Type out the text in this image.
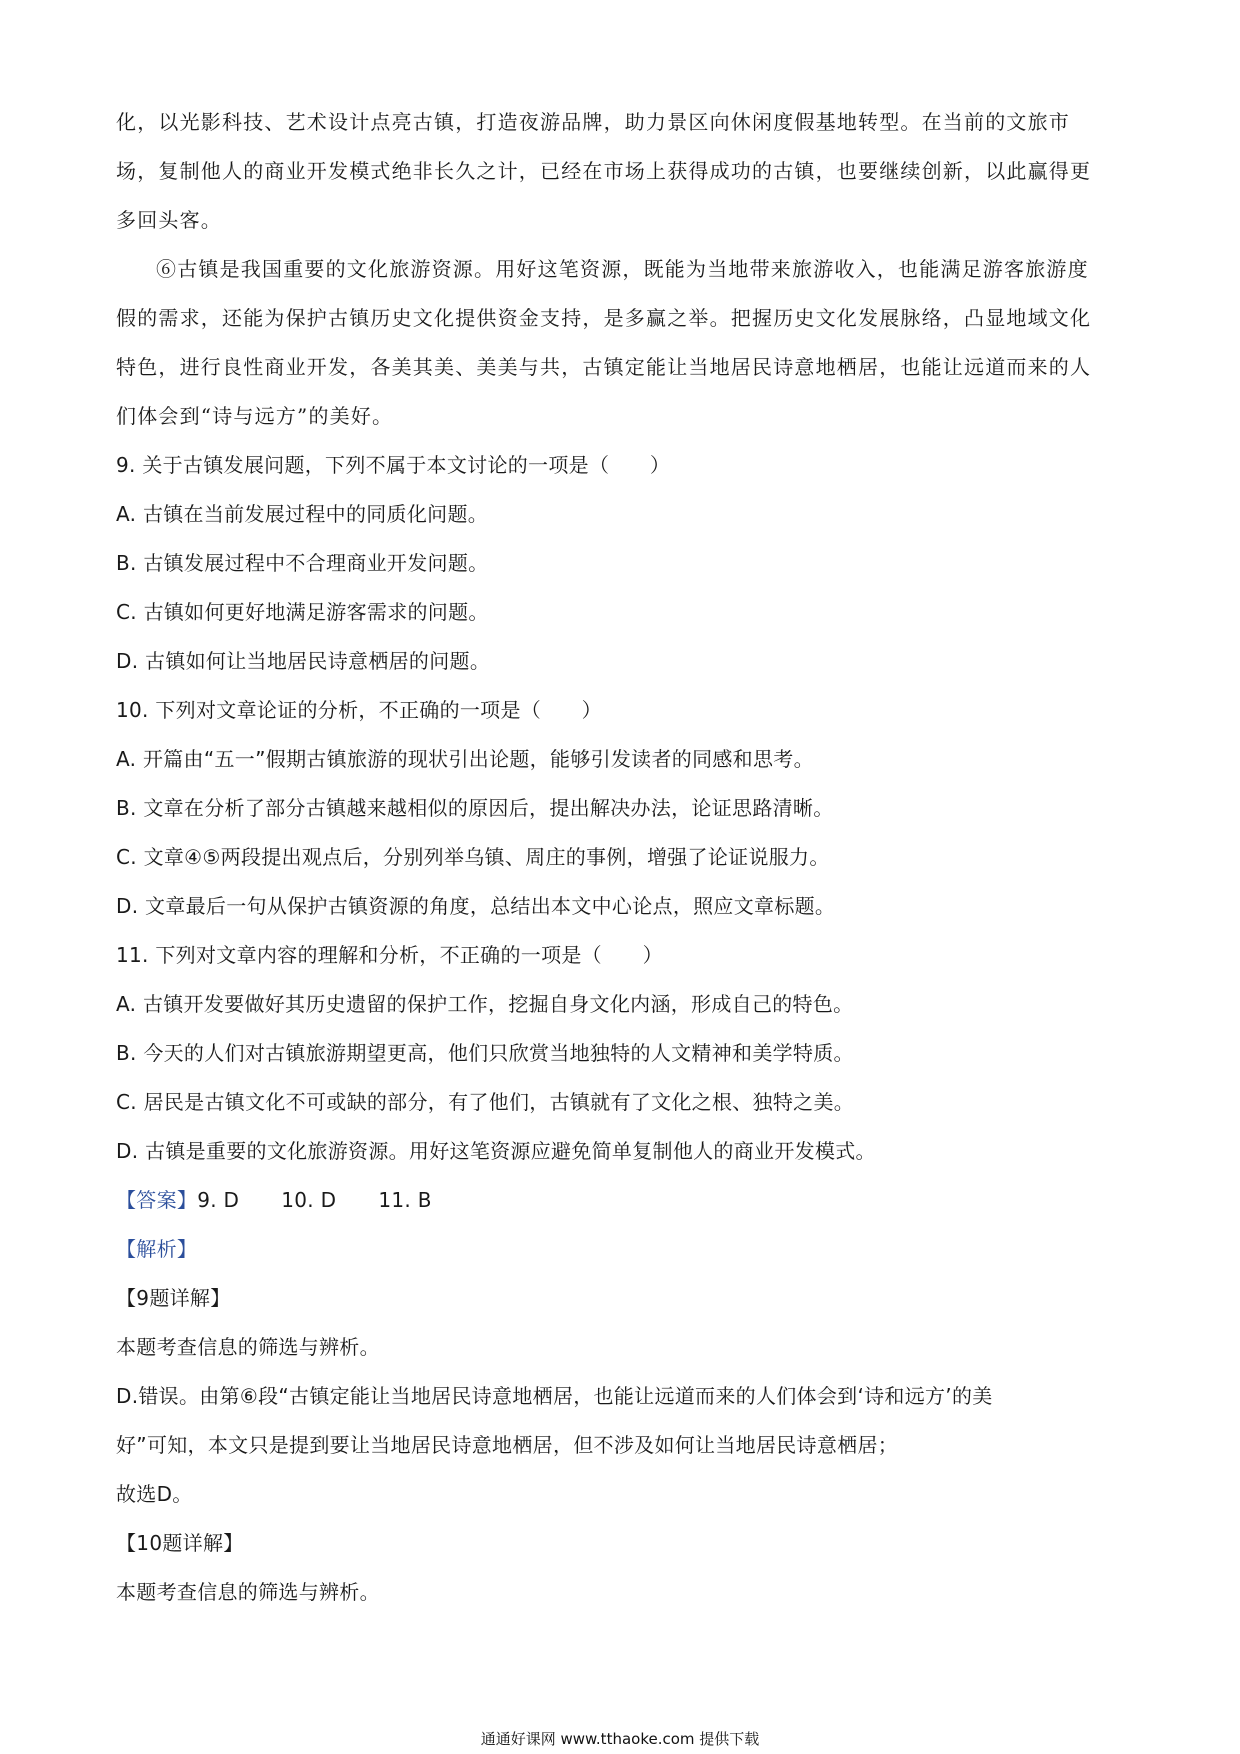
化，以光影科技、艺术设计点亮古镇，打造夜游品牌，助力景区向休闲度假基地转型。在当前的文旅市
场，复制他人的商业开发模式绝非长久之计，已经在市场上获得成功的古镇，也要继续创新，以此赢得更
多回头客。
⑥古镇是我国重要的文化旅游资源。用好这笔资源，既能为当地带来旅游收入，也能满足游客旅游度
假的需求，还能为保护古镇历史文化提供资金支持，是多赢之举。把握历史文化发展脉络，凸显地域文化
特色，进行良性商业开发，各美其美、美美与共，古镇定能让当地居民诗意地栖居，也能让远道而来的人
们体会到“诗与远方”的美好。
9. 关于古镇发展问题，下列不属于本文讨论的一项是（　　）
A. 古镇在当前发展过程中的同质化问题。
B. 古镇发展过程中不合理商业开发问题。
C. 古镇如何更好地满足游客需求的问题。
D. 古镇如何让当地居民诗意栖居的问题。
10. 下列对文章论证的分析，不正确的一项是（　　）
A. 开篇由“五一”假期古镇旅游的现状引出论题，能够引发读者的同感和思考。
B. 文章在分析了部分古镇越来越相似的原因后，提出解决办法，论证思路清晰。
C. 文章④⑤两段提出观点后，分别列举乌镇、周庄的事例，增强了论证说服力。
D. 文章最后一句从保护古镇资源的角度，总结出本文中心论点，照应文章标题。
11. 下列对文章内容的理解和分析，不正确的一项是（　　）
A. 古镇开发要做好其历史遗留的保护工作，挖掘自身文化内涵，形成自己的特色。
B. 今天的人们对古镇旅游期望更高，他们只欣赏当地独特的人文精神和美学特质。
C. 居民是古镇文化不可或缺的部分，有了他们，古镇就有了文化之根、独特之美。
D. 古镇是重要的文化旅游资源。用好这笔资源应避免简单复制他人的商业开发模式。
【答案】9. D 10. D 11. B
【解析】
【9题详解】
本题考查信息的筛选与辨析。
D.错误。由第⑥段“古镇定能让当地居民诗意地栖居，也能让远道而来的人们体会到‘诗和远方’的美
好”可知，本文只是提到要让当地居民诗意地栖居，但不涉及如何让当地居民诗意栖居；
故选D。
【10题详解】
本题考查信息的筛选与辨析。
通通好课网 www.tthaoke.com 提供下载
